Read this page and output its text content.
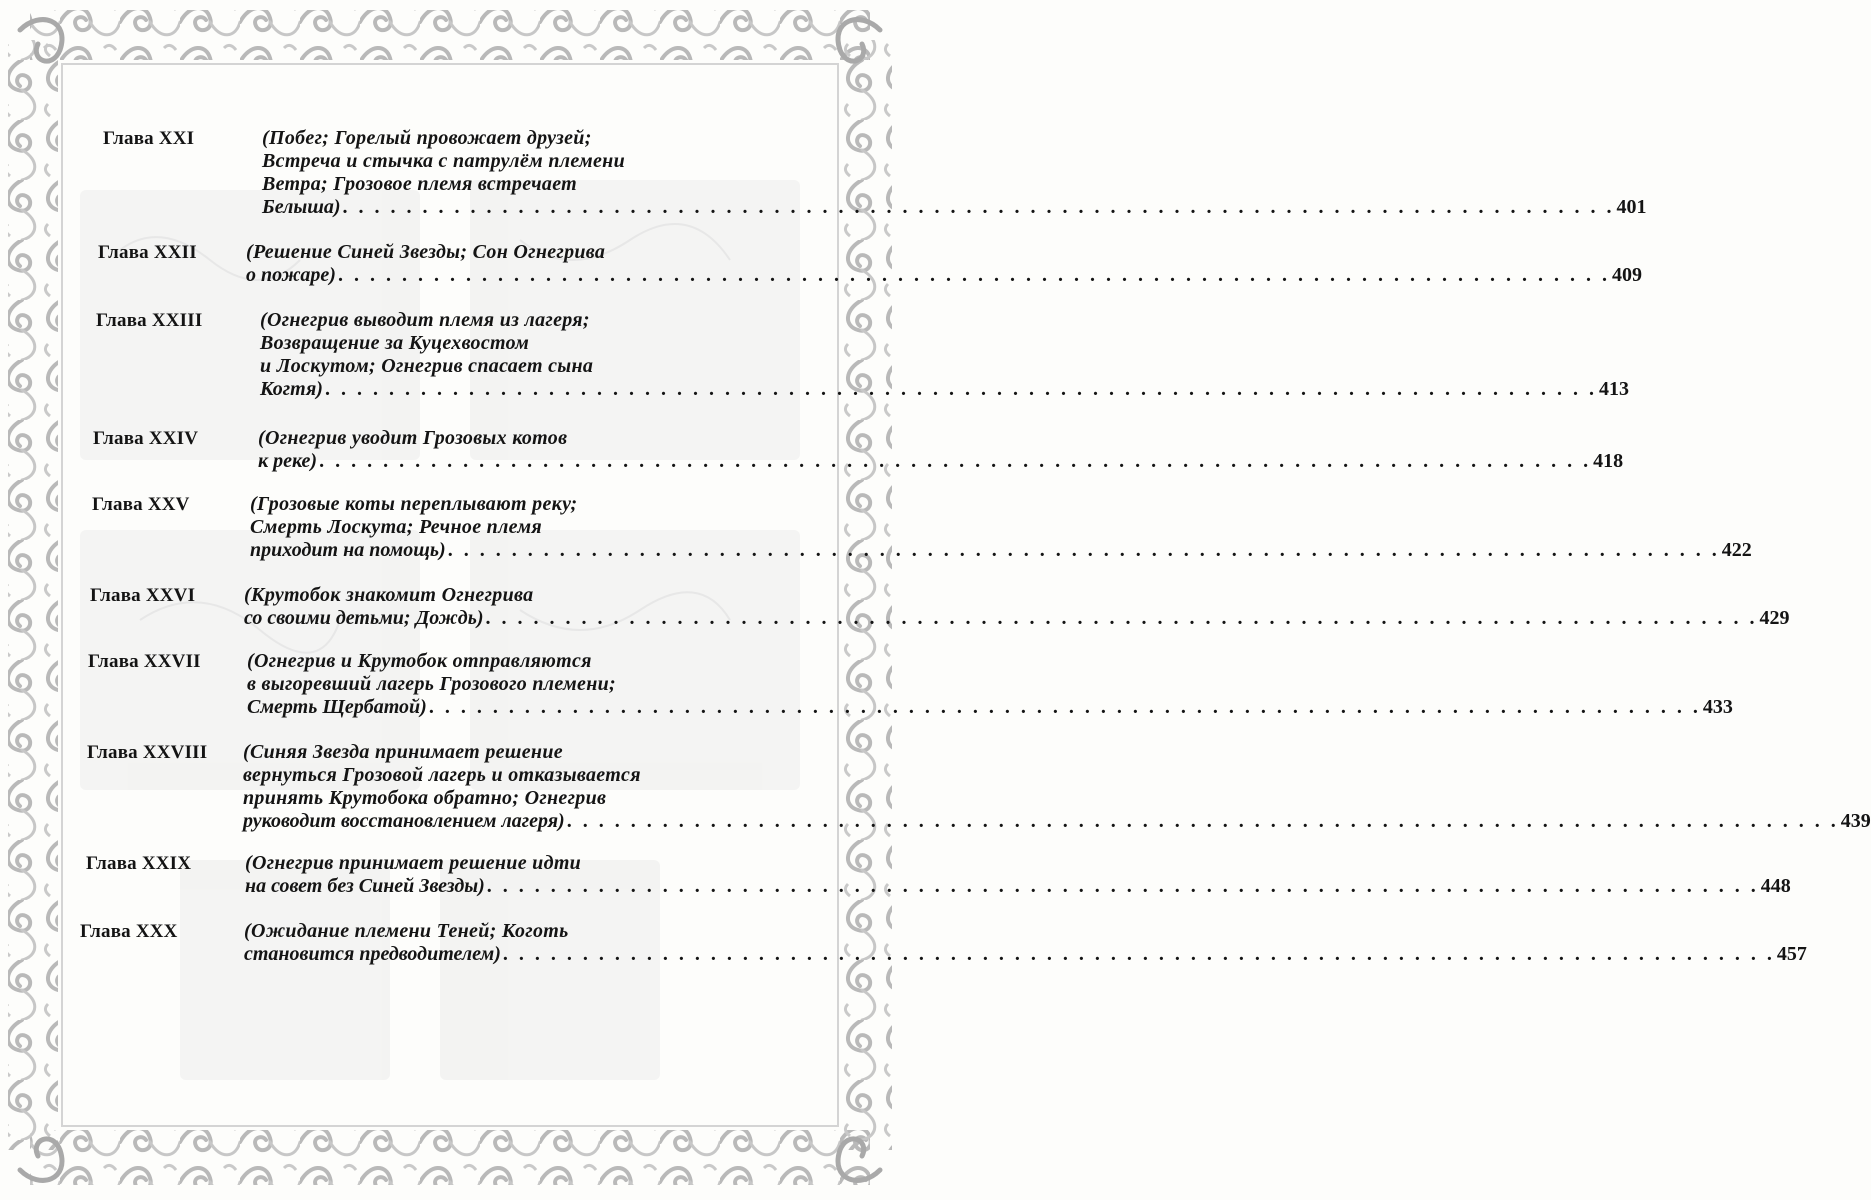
Глава XXI	(Побег; Горелый провожает друзей;
Встреча и стычка с патрулём племени
Ветра; Грозовое племя встречает
Белыша) . . . . . . . . . . . . . . . . . . . . . . . . . . . . . . . . . . . . . . . . . . . . . . . . . . . . . . . . . . . . . . . . . . . . . . . . . . . . . . . . 401
Глава XXII (Решение Синей Звезды; Сон Огнегрива
о пожаре) . . . . . . . . . . . . . . . . . . . . . . . . . . . . . . . . . . . . . . . . . . . . . . . . . . . . . . . . . . . . . . . . . . . . . . . . . . . . . . . . 409
Глава XXIII	(Огнегрив выводит племя из лагеря;
Возвращение за Куцехвостом
и Лоскутом; Огнегрив спасает сына
Когтя) . . . . . . . . . . . . . . . . . . . . . . . . . . . . . . . . . . . . . . . . . . . . . . . . . . . . . . . . . . . . . . . . . . . . . . . . . . . . . . . . 413
Глава XXIV	(Огнегрив уводит Грозовых котов
к реке) . . . . . . . . . . . . . . . . . . . . . . . . . . . . . . . . . . . . . . . . . . . . . . . . . . . . . . . . . . . . . . . . . . . . . . . . . . . . . . . . 418
Глава XXV	(Грозовые коты переплывают реку;
Смерть Лоскута; Речное племя
приходит на помощь) . . . . . . . . . . . . . . . . . . . . . . . . . . . . . . . . . . . . . . . . . . . . . . . . . . . . . . . . . . . . . . . . . . . . . . . . . . . . . . . . 422
Глава XXVI (Крутобок знакомит Огнегрива
со своими детьми; Дождь) . . . . . . . . . . . . . . . . . . . . . . . . . . . . . . . . . . . . . . . . . . . . . . . . . . . . . . . . . . . . . . . . . . . . . . . . . . . . . . . . 429
Глава XXVII (Огнегрив и Крутобок отправляются
в выгоревший лагерь Грозового племени;
Смерть Щербатой) . . . . . . . . . . . . . . . . . . . . . . . . . . . . . . . . . . . . . . . . . . . . . . . . . . . . . . . . . . . . . . . . . . . . . . . . . . . . . . . . 433
Глава XXVIII (Синяя Звезда принимает решение
вернуться Грозовой лагерь и отказывается
принять Крутобока обратно; Огнегрив
руководит восстановлением лагеря) . . . . . . . . . . . . . . . . . . . . . . . . . . . . . . . . . . . . . . . . . . . . . . . . . . . . . . . . . . . . . . . . . . . . . . . . . . . . . . . . 439
Глава XXIX	(Огнегрив принимает решение идти
на совет без Синей Звезды) . . . . . . . . . . . . . . . . . . . . . . . . . . . . . . . . . . . . . . . . . . . . . . . . . . . . . . . . . . . . . . . . . . . . . . . . . . . . . . . . 448
Глава XXX	(Ожидание племени Теней; Коготь
становится предводителем) . . . . . . . . . . . . . . . . . . . . . . . . . . . . . . . . . . . . . . . . . . . . . . . . . . . . . . . . . . . . . . . . . . . . . . . . . . . . . . . . 457
